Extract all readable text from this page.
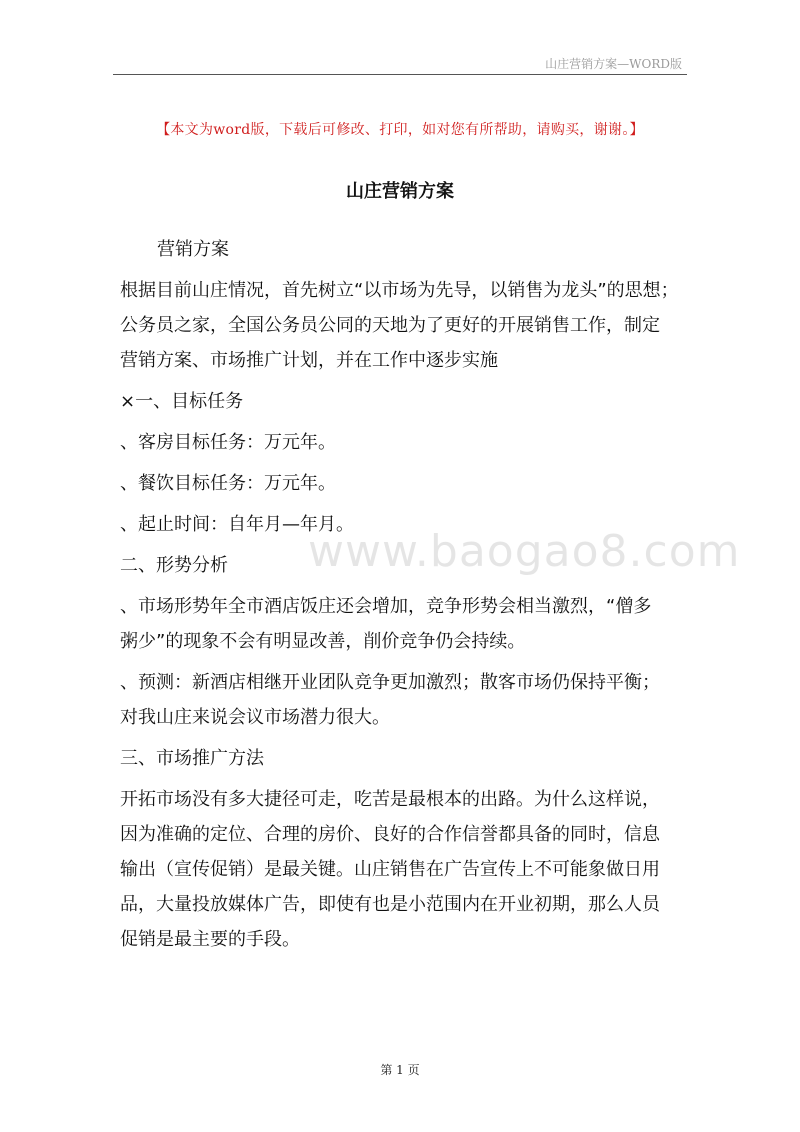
山庄营销方案—WORD版
【本文为word版，下载后可修改、打印，如对您有所帮助，请购买，谢谢。】
山庄营销方案
www.baogao8.com
营销方案
根据目前山庄情况，首先树立“以市场为先导，以销售为龙头”的思想；
公务员之家，全国公务员公同的天地为了更好的开展销售工作，制定
营销方案、市场推广计划，并在工作中逐步实施
×一、目标任务
、客房目标任务：万元年。
、餐饮目标任务：万元年。
、起止时间：自年月—年月。
二、形势分析
、市场形势年全市酒店饭庄还会增加，竞争形势会相当激烈，“僧多
粥少”的现象不会有明显改善，削价竞争仍会持续。
、预测：新酒店相继开业团队竞争更加激烈；散客市场仍保持平衡；
对我山庄来说会议市场潜力很大。
三、市场推广方法
开拓市场没有多大捷径可走，吃苦是最根本的出路。为什么这样说，
因为准确的定位、合理的房价、良好的合作信誉都具备的同时，信息
输出（宣传促销）是最关键。山庄销售在广告宣传上不可能象做日用
品，大量投放媒体广告，即使有也是小范围内在开业初期，那么人员
促销是最主要的手段。
第 1 页
